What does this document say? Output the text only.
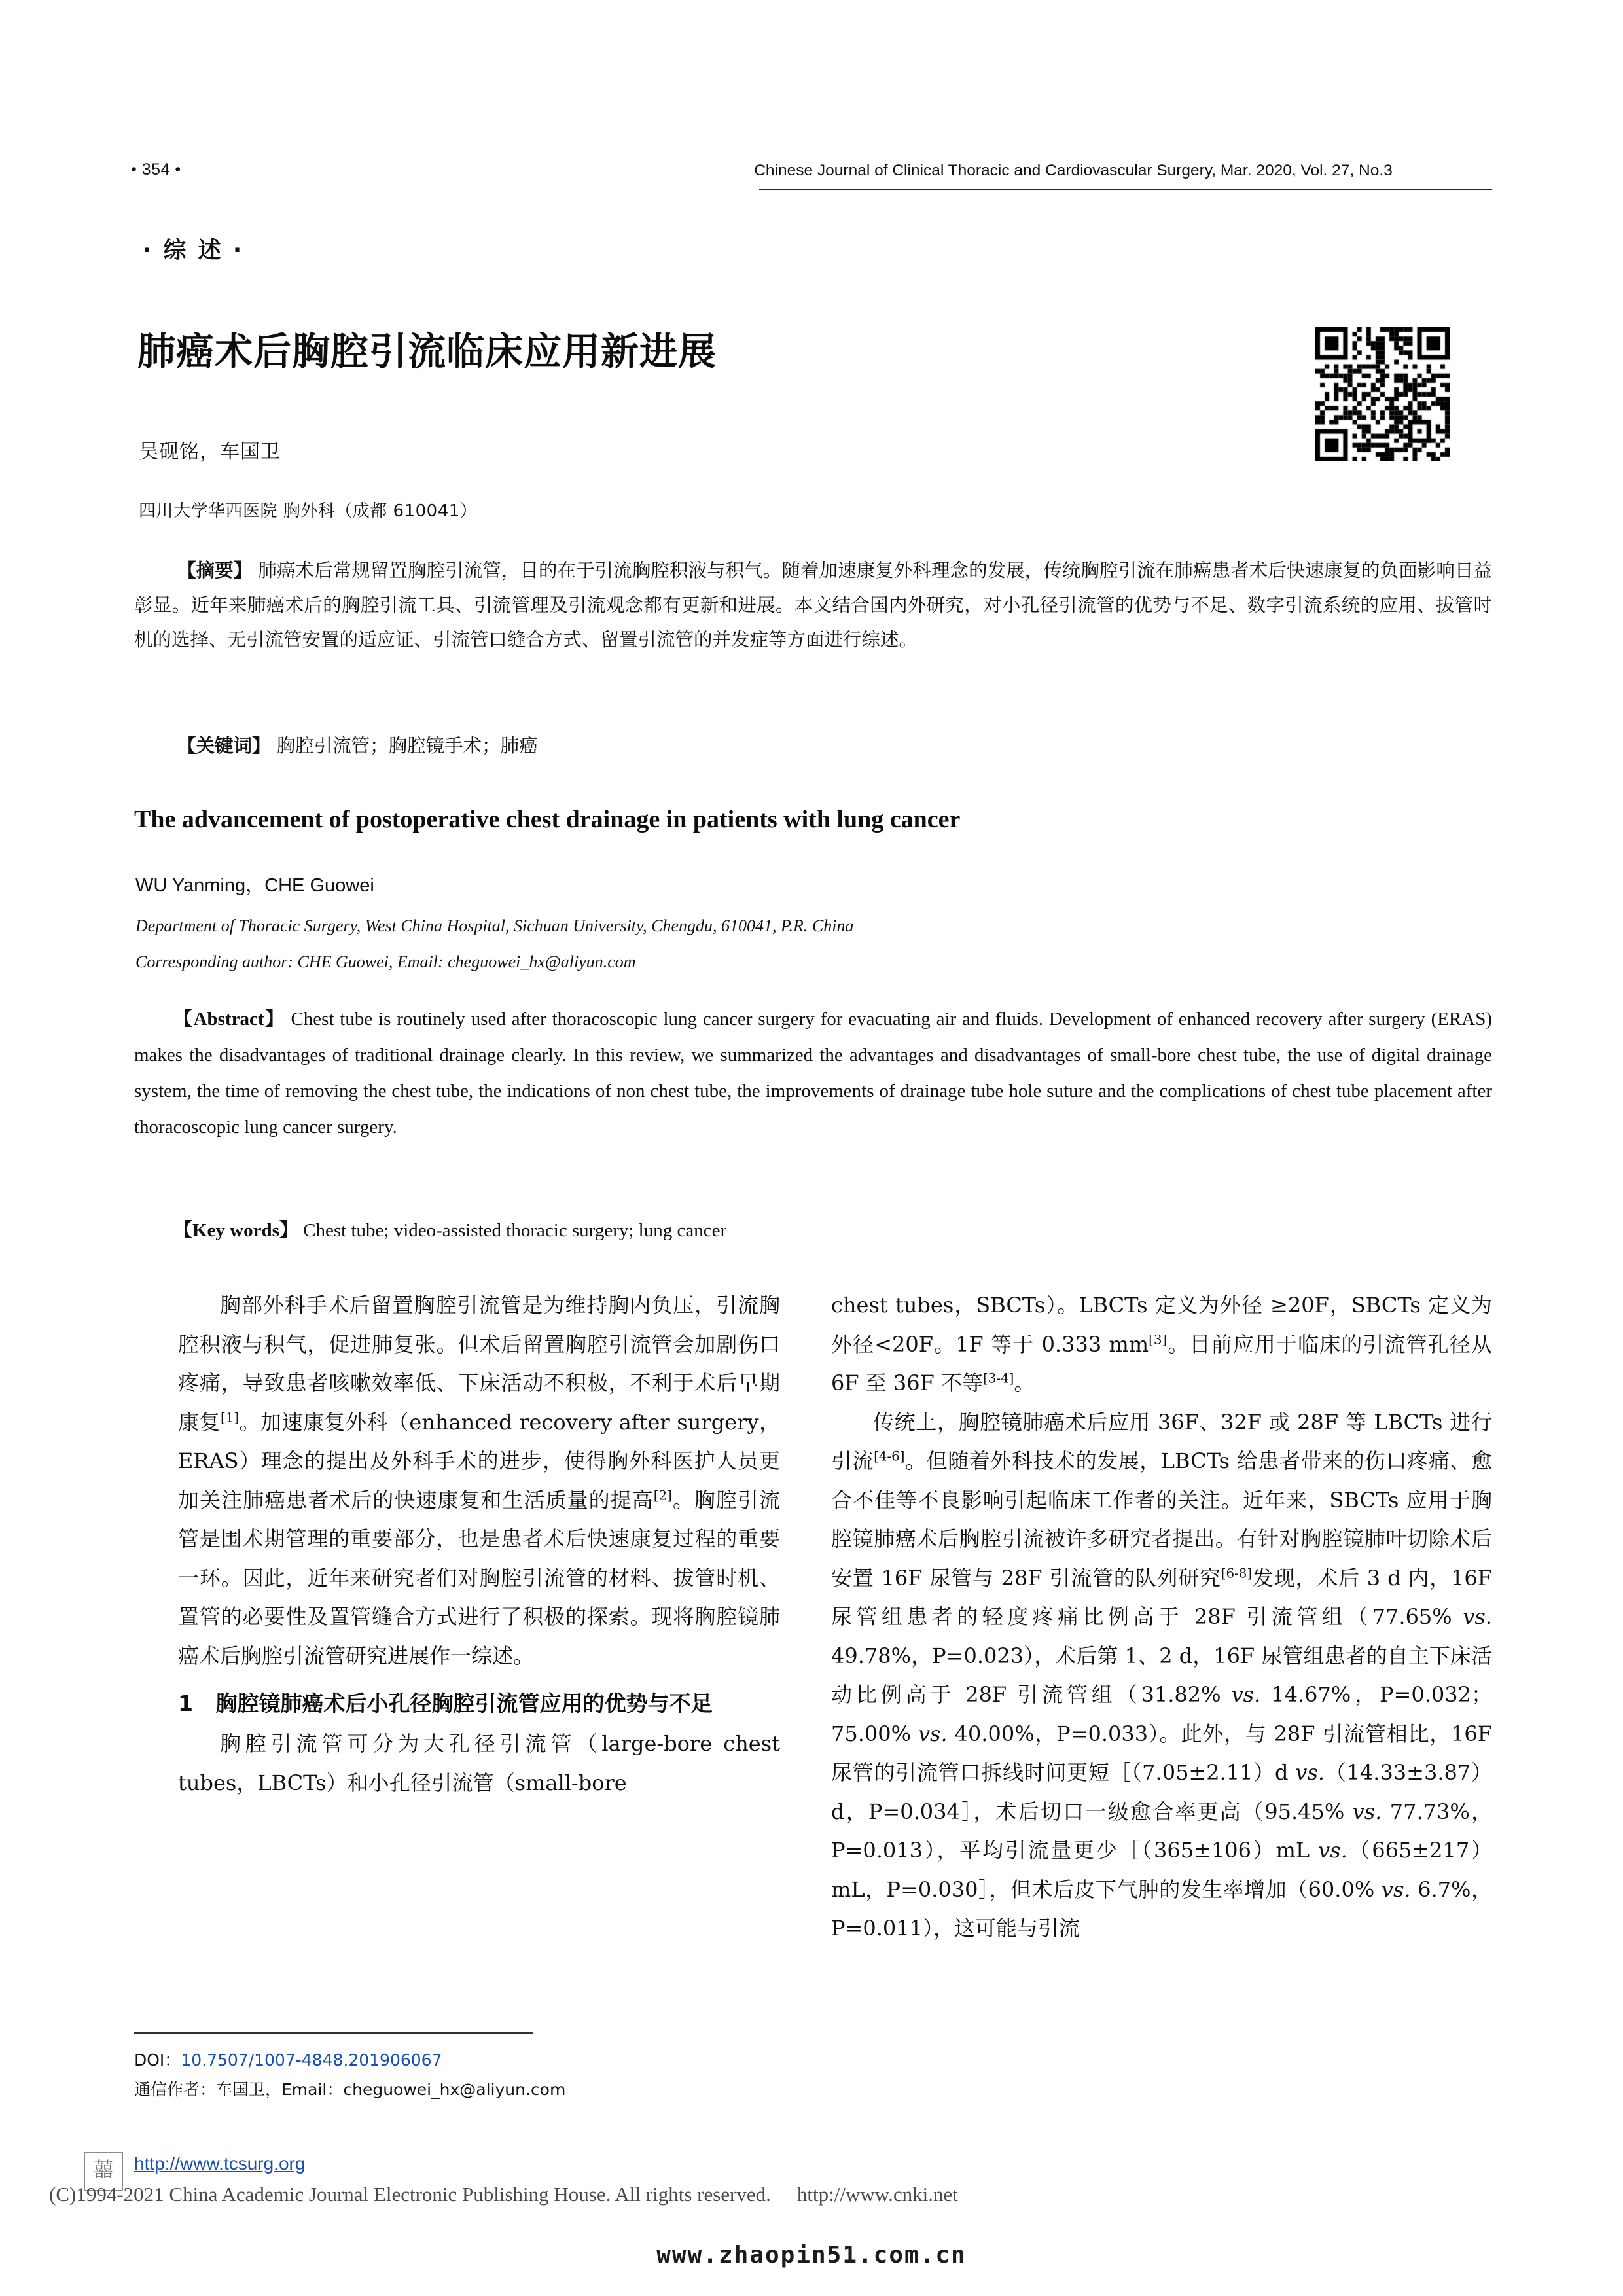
• 354 •	Chinese Journal of Clinical Thoracic and Cardiovascular Surgery, Mar. 2020, Vol. 27, No.3
· 综 述 ·
肺癌术后胸腔引流临床应用新进展
吴砚铭，车国卫
四川大学华西医院 胸外科（成都 610041）
【摘要】 肺癌术后常规留置胸腔引流管，目的在于引流胸腔积液与积气。随着加速康复外科理念的发展，传统胸腔引流在肺癌患者术后快速康复的负面影响日益彰显。近年来肺癌术后的胸腔引流工具、引流管理及引流观念都有更新和进展。本文结合国内外研究，对小孔径引流管的优势与不足、数字引流系统的应用、拔管时机的选择、无引流管安置的适应证、引流管口缝合方式、留置引流管的并发症等方面进行综述。
【关键词】 胸腔引流管；胸腔镜手术；肺癌
The advancement of postoperative chest drainage in patients with lung cancer
WU Yanming，CHE Guowei
Department of Thoracic Surgery, West China Hospital, Sichuan University, Chengdu, 610041, P.R. China
Corresponding author: CHE Guowei, Email: cheguowei_hx@aliyun.com
【Abstract】 Chest tube is routinely used after thoracoscopic lung cancer surgery for evacuating air and fluids. Development of enhanced recovery after surgery (ERAS) makes the disadvantages of traditional drainage clearly. In this review, we summarized the advantages and disadvantages of small-bore chest tube, the use of digital drainage system, the time of removing the chest tube, the indications of non chest tube, the improvements of drainage tube hole suture and the complications of chest tube placement after thoracoscopic lung cancer surgery.
【Key words】 Chest tube; video-assisted thoracic surgery; lung cancer

胸部外科手术后留置胸腔引流管是为维持胸内负压，引流胸腔积液与积气，促进肺复张。但术后留置胸腔引流管会加剧伤口疼痛，导致患者咳嗽效率低、下床活动不积极，不利于术后早期康复[1]。加速康复外科（enhanced recovery after surgery，ERAS）理念的提出及外科手术的进步，使得胸外科医护人员更加关注肺癌患者术后的快速康复和生活质量的提高[2]。胸腔引流管是围术期管理的重要部分，也是患者术后快速康复过程的重要一环。因此，近年来研究者们对胸腔引流管的材料、拔管时机、置管的必要性及置管缝合方式进行了积极的探索。现将胸腔镜肺癌术后胸腔引流管研究进展作一综述。

1 胸腔镜肺癌术后小孔径胸腔引流管应用的优势与不足

胸腔引流管可分为大孔径引流管（large-bore chest tubes，LBCTs）和小孔径引流管（small-bore

chest tubes，SBCTs）。LBCTs 定义为外径 ≥20F，SBCTs 定义为外径<20F。1F 等于 0.333 mm[3]。目前应用于临床的引流管孔径从 6F 至 36F 不等[3-4]。

传统上，胸腔镜肺癌术后应用 36F、32F 或 28F 等 LBCTs 进行引流[4-6]。但随着外科技术的发展，LBCTs 给患者带来的伤口疼痛、愈合不佳等不良影响引起临床工作者的关注。近年来，SBCTs 应用于胸腔镜肺癌术后胸腔引流被许多研究者提出。有针对胸腔镜肺叶切除术后安置 16F 尿管与 28F 引流管的队列研究[6-8]发现，术后 3 d 内，16F 尿管组患者的轻度疼痛比例高于 28F 引流管组（77.65% vs. 49.78%，P=0.023），术后第 1、2 d，16F 尿管组患者的自主下床活动比例高于 28F 引流管组（31.82% vs. 14.67%，P=0.032；75.00% vs. 40.00%，P=0.033）。此外，与 28F 引流管相比，16F 尿管的引流管口拆线时间更短［（7.05±2.11）d vs.（14.33±3.87）d，P=0.034］，术后切口一级愈合率更高（95.45% vs. 77.73%，P=0.013），平均引流量更少［（365±106）mL vs.（665±217）mL，P=0.030］，但术后皮下气肿的发生率增加（60.0% vs. 6.7%，P=0.011），这可能与引流

DOI：10.7507/1007-4848.201906067
通信作者：车国卫，Email：cheguowei_hx@aliyun.com
囍	http://www.tcsurg.org
(C)1994-2021 China Academic Journal Electronic Publishing House. All rights reserved. http://www.cnki.net
www.zhaopin51.com.cn
